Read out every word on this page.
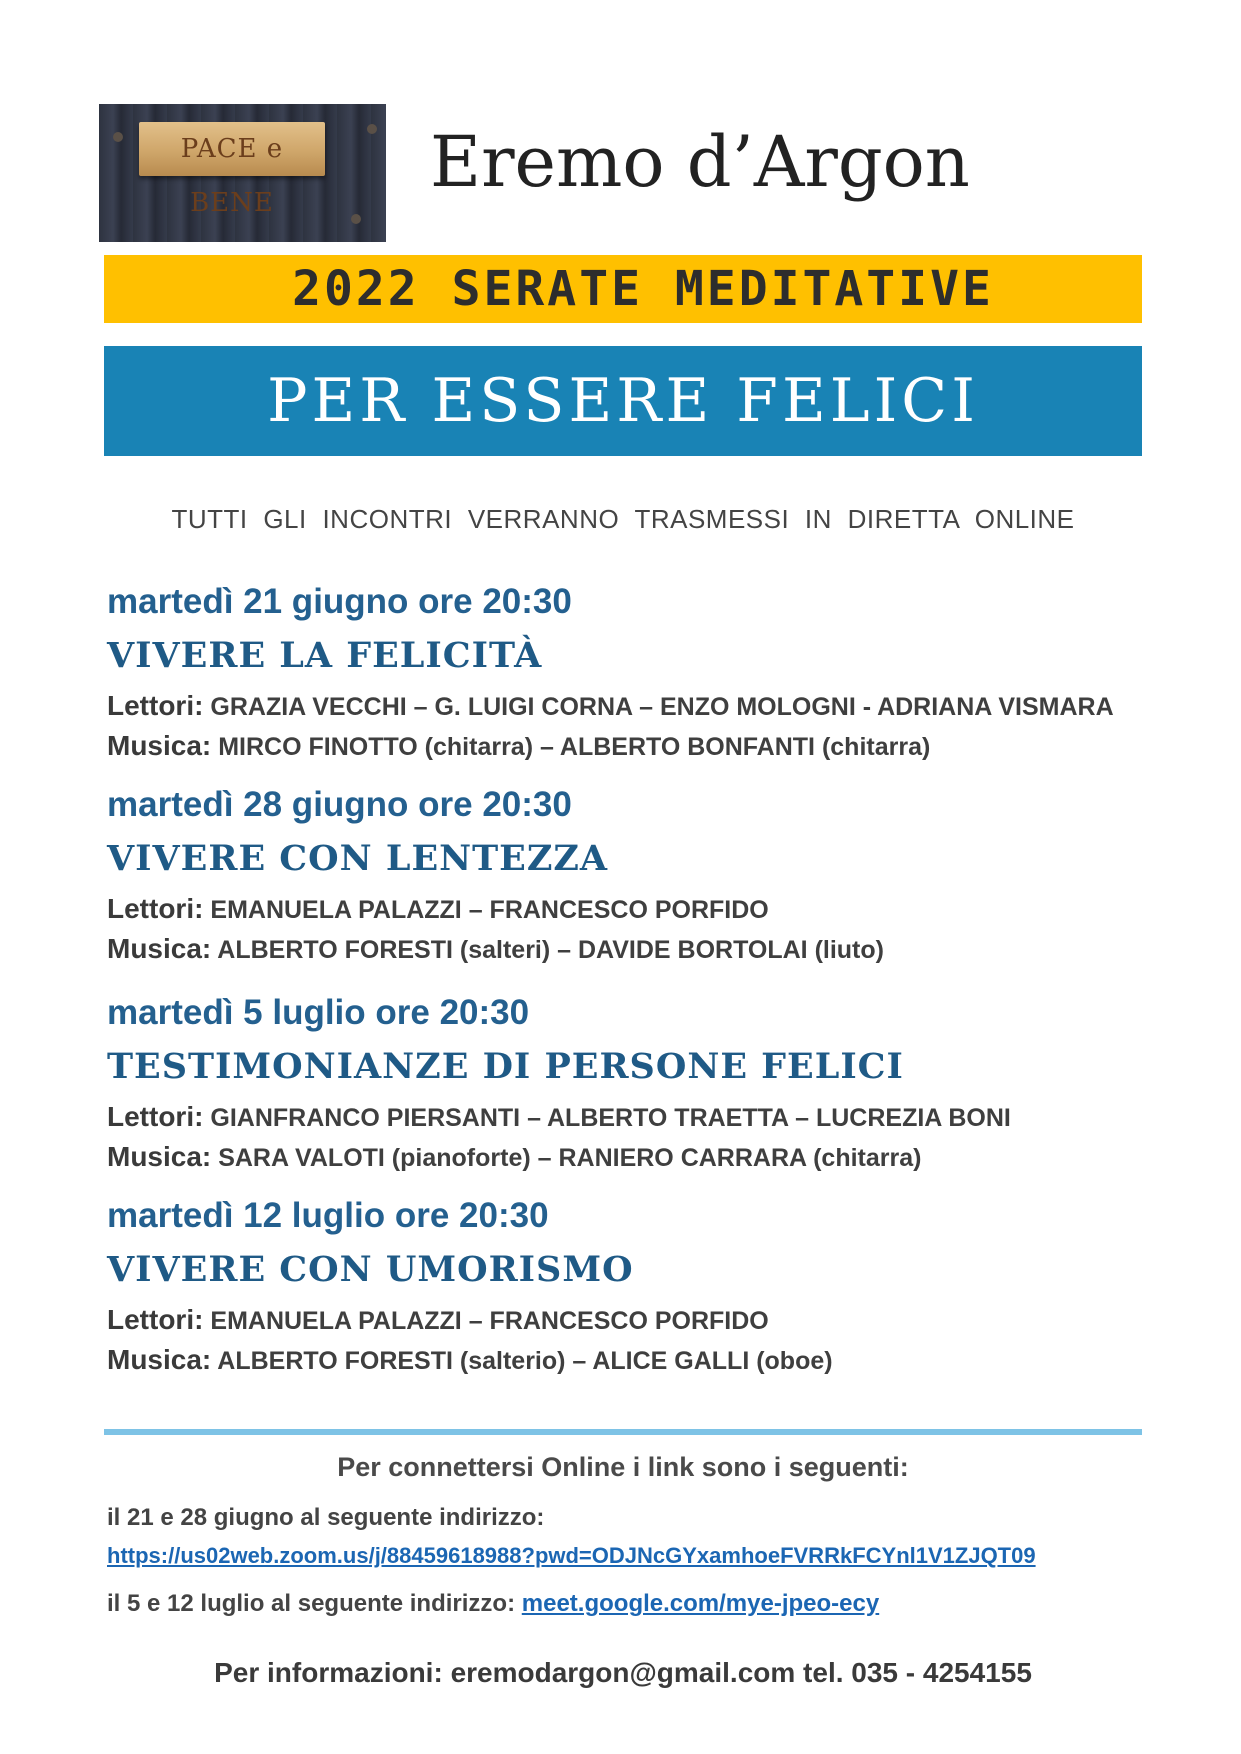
PACE e BENE	Eremo d’Argon
2022 SERATE MEDITATIVE
PER ESSERE FELICI
TUTTI GLI INCONTRI VERRANNO TRASMESSI IN DIRETTA ONLINE
martedì 21 giugno ore 20:30
VIVERE LA FELICITÀ
Lettori: GRAZIA VECCHI – G. LUIGI CORNA – ENZO MOLOGNI - ADRIANA VISMARA
Musica: MIRCO FINOTTO (chitarra) – ALBERTO BONFANTI (chitarra)
martedì 28 giugno ore 20:30
VIVERE CON LENTEZZA
Lettori: EMANUELA PALAZZI – FRANCESCO PORFIDO
Musica: ALBERTO FORESTI (salteri) – DAVIDE BORTOLAI (liuto)
martedì 5 luglio ore 20:30
TESTIMONIANZE DI PERSONE FELICI
Lettori: GIANFRANCO PIERSANTI – ALBERTO TRAETTA – LUCREZIA BONI
Musica: SARA VALOTI (pianoforte) – RANIERO CARRARA (chitarra)
martedì 12 luglio ore 20:30
VIVERE CON UMORISMO
Lettori: EMANUELA PALAZZI – FRANCESCO PORFIDO
Musica: ALBERTO FORESTI (salterio) – ALICE GALLI (oboe)
Per connettersi Online i link sono i seguenti:
il 21 e 28 giugno al seguente indirizzo:
https://us02web.zoom.us/j/88459618988?pwd=ODJNcGYxamhoeFVRRkFCYnl1V1ZJQT09
il 5 e 12 luglio al seguente indirizzo: meet.google.com/mye-jpeo-ecy
Per informazioni: eremodargon@gmail.com tel. 035 - 4254155
